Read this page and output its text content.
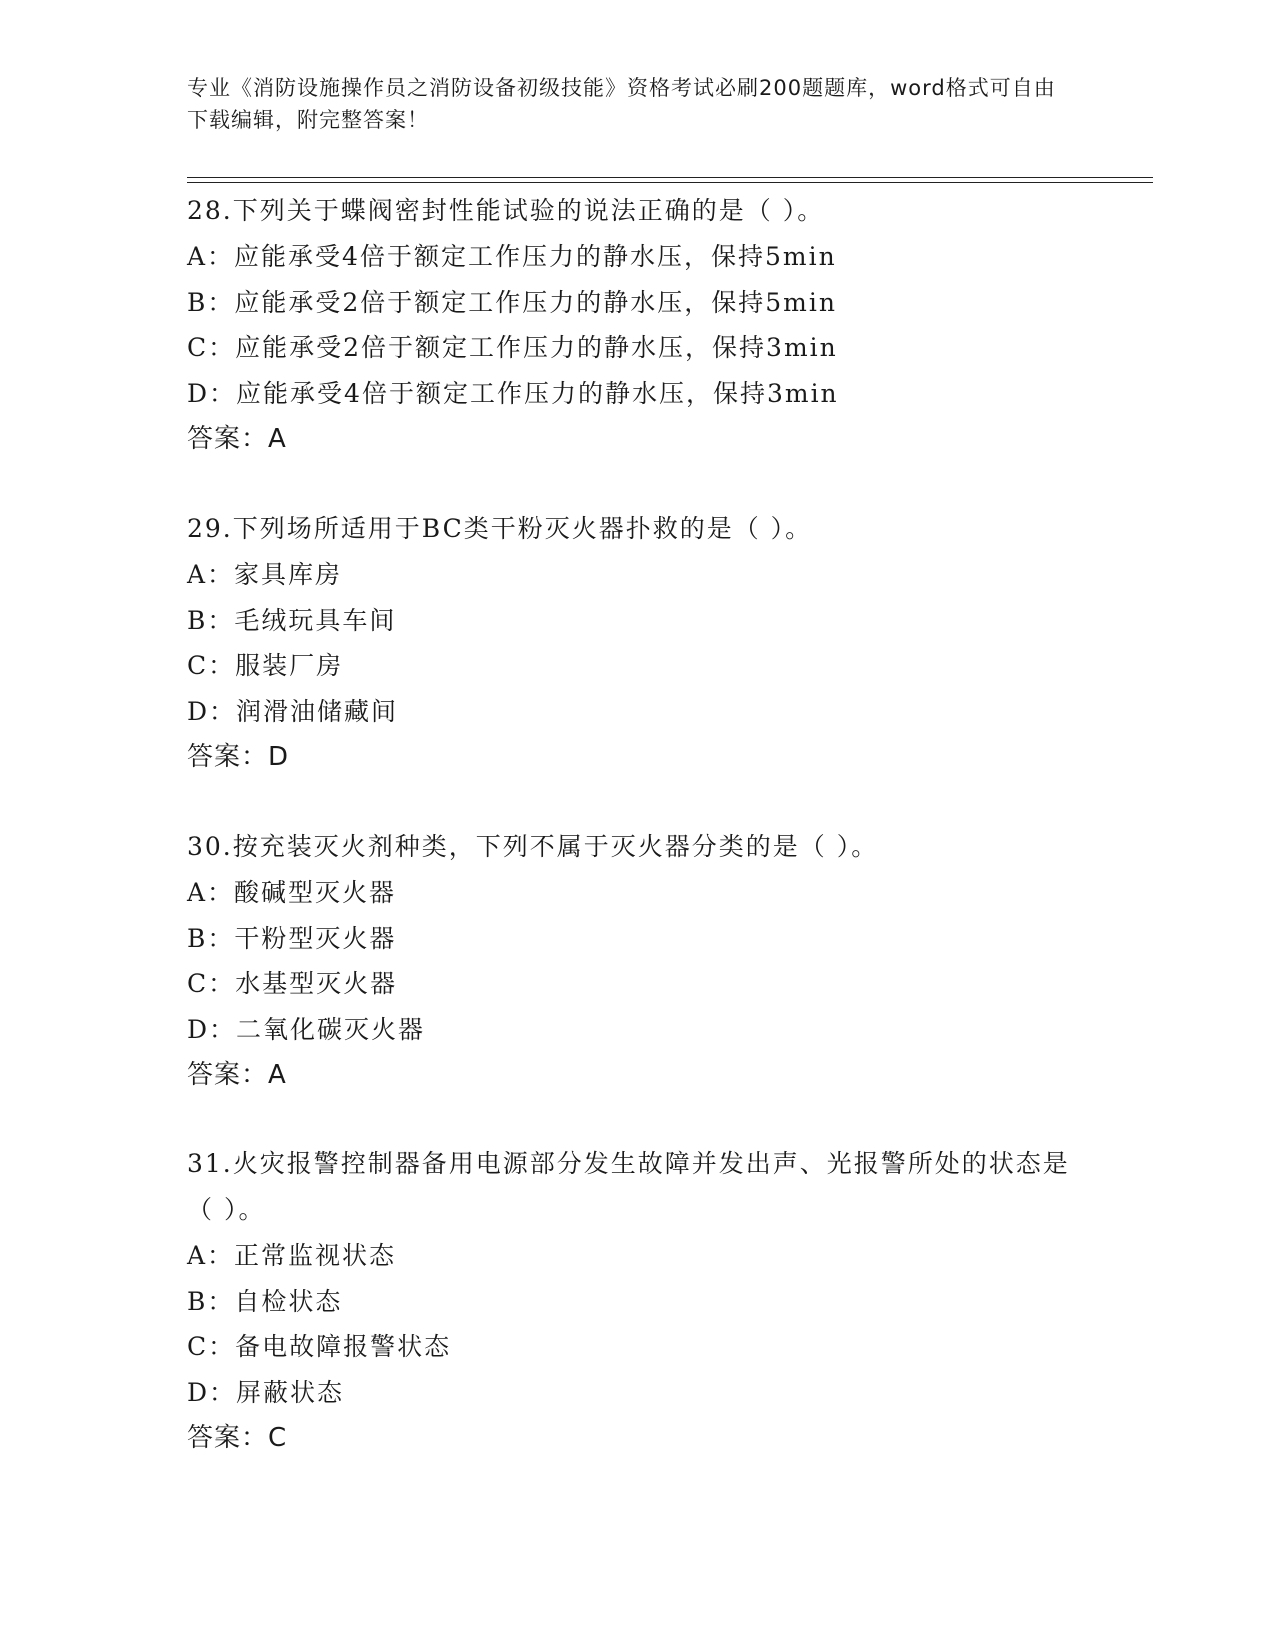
专业《消防设施操作员之消防设备初级技能》资格考试必刷200题题库，word格式可自由下载编辑，附完整答案！

28.下列关于蝶阀密封性能试验的说法正确的是（ ）。

A：应能承受4倍于额定工作压力的静水压，保持5min

B：应能承受2倍于额定工作压力的静水压，保持5min

C：应能承受2倍于额定工作压力的静水压，保持3min

D：应能承受4倍于额定工作压力的静水压，保持3min

答案：A

29.下列场所适用于BC类干粉灭火器扑救的是（ ）。

A：家具库房

B：毛绒玩具车间

C：服装厂房

D：润滑油储藏间

答案：D

30.按充装灭火剂种类，下列不属于灭火器分类的是（ ）。

A：酸碱型灭火器

B：干粉型灭火器

C：水基型灭火器

D：二氧化碳灭火器

答案：A

31.火灾报警控制器备用电源部分发生故障并发出声、光报警所处的状态是（ ）。

A：正常监视状态

B：自检状态

C：备电故障报警状态

D：屏蔽状态

答案：C
